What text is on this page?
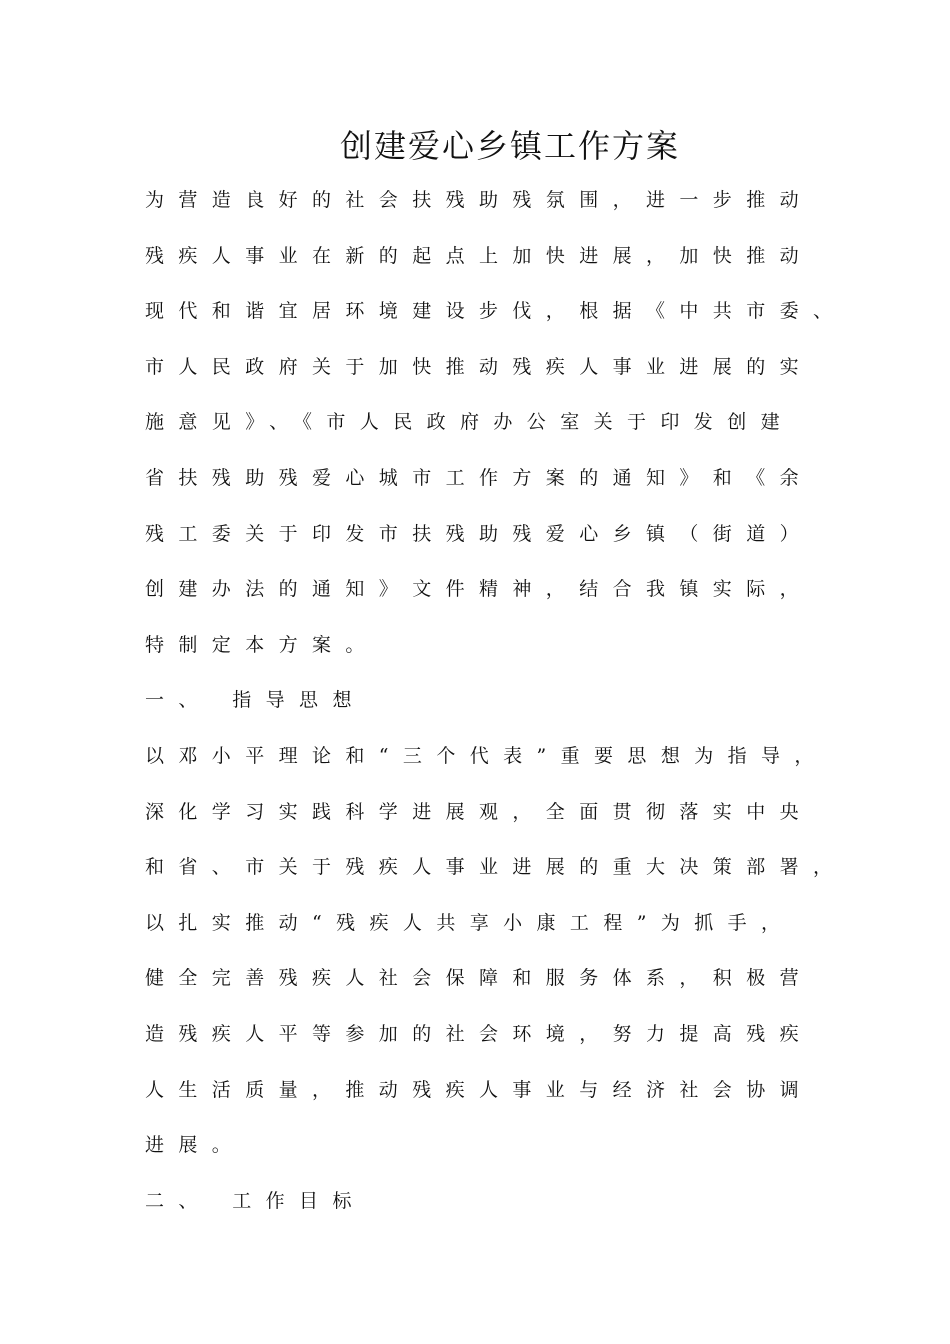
创建爱心乡镇工作方案

为营造良好的社会扶残助残氛围，进一步推动

残疾人事业在新的起点上加快进展，加快推动

现代和谐宜居环境建设步伐，根据《中共市委、

市人民政府关于加快推动残疾人事业进展的实

施意见》、《市人民政府办公室关于印发创建

省扶残助残爱心城市工作方案的通知》和《余

残工委关于印发市扶残助残爱心乡镇（街道）

创建办法的通知》文件精神，结合我镇实际，

特制定本方案。

一、 指导思想

以邓小平理论和“三个代表”重要思想为指导，

深化学习实践科学进展观，全面贯彻落实中央

和省、市关于残疾人事业进展的重大决策部署，

以扎实推动“残疾人共享小康工程”为抓手，

健全完善残疾人社会保障和服务体系，积极营

造残疾人平等参加的社会环境，努力提高残疾

人生活质量，推动残疾人事业与经济社会协调

进展。

二、 工作目标
